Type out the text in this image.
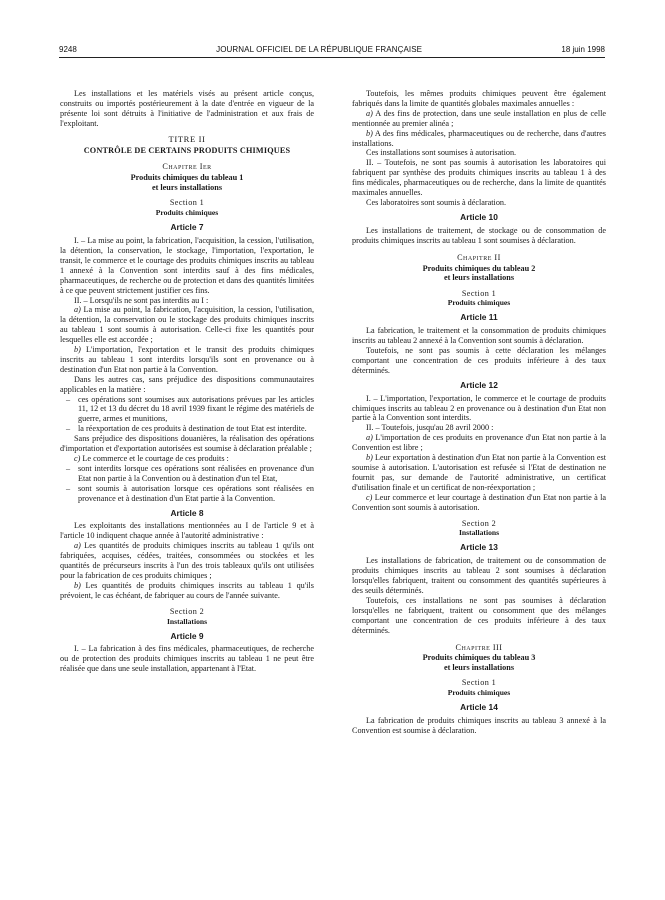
9248	JOURNAL OFFICIEL DE LA RÉPUBLIQUE FRANÇAISE	18 juin 1998

Les installations et les matériels visés au présent article conçus, construits ou importés postérieurement à la date d'entrée en vigueur de la présente loi sont détruits à l'initiative de l'administration et aux frais de l'exploitant.

TITRE II
CONTRÔLE DE CERTAINS PRODUITS CHIMIQUES
Chapitre Ier
Produits chimiques du tableau 1
et leurs installations
Section 1
Produits chimiques
Article 7

I. – La mise au point, la fabrication, l'acquisition, la cession, l'utilisation, la détention, la conservation, le stockage, l'importation, l'exportation, le transit, le commerce et le courtage des produits chimiques inscrits au tableau 1 annexé à la Convention sont interdits sauf à des fins médicales, pharmaceutiques, de recherche ou de protection et dans des quantités limitées à ce que peuvent strictement justifier ces fins.

II. – Lorsqu'ils ne sont pas interdits au I :

a) La mise au point, la fabrication, l'acquisition, la cession, l'utilisation, la détention, la conservation ou le stockage des produits chimiques inscrits au tableau 1 sont soumis à autorisation. Celle-ci fixe les quantités pour lesquelles elle est accordée ;

b) L'importation, l'exportation et le transit des produits chimiques inscrits au tableau 1 sont interdits lorsqu'ils sont en provenance ou à destination d'un Etat non partie à la Convention.

Dans les autres cas, sans préjudice des dispositions communautaires applicables en la matière :

– ces opérations sont soumises aux autorisations prévues par les articles 11, 12 et 13 du décret du 18 avril 1939 fixant le régime des matériels de guerre, armes et munitions,

– la réexportation de ces produits à destination de tout Etat est interdite.

Sans préjudice des dispositions douanières, la réalisation des opérations d'importation et d'exportation autorisées est soumise à déclaration préalable ;

c) Le commerce et le courtage de ces produits :

– sont interdits lorsque ces opérations sont réalisées en provenance d'un Etat non partie à la Convention ou à destination d'un tel Etat,

– sont soumis à autorisation lorsque ces opérations sont réalisées en provenance et à destination d'un Etat partie à la Convention.

Article 8

Les exploitants des installations mentionnées au I de l'article 9 et à l'article 10 indiquent chaque année à l'autorité administrative :

a) Les quantités de produits chimiques inscrits au tableau 1 qu'ils ont fabriquées, acquises, cédées, traitées, consommées ou stockées et les quantités de précurseurs inscrits à l'un des trois tableaux qu'ils ont utilisées pour la fabrication de ces produits chimiques ;

b) Les quantités de produits chimiques inscrits au tableau 1 qu'ils prévoient, le cas échéant, de fabriquer au cours de l'année suivante.

Section 2
Installations
Article 9

I. – La fabrication à des fins médicales, pharmaceutiques, de recherche ou de protection des produits chimiques inscrits au tableau 1 ne peut être réalisée que dans une seule installation, appartenant à l'Etat.

Toutefois, les mêmes produits chimiques peuvent être également fabriqués dans la limite de quantités globales maximales annuelles :

a) A des fins de protection, dans une seule installation en plus de celle mentionnée au premier alinéa ;

b) A des fins médicales, pharmaceutiques ou de recherche, dans d'autres installations.

Ces installations sont soumises à autorisation.

II. – Toutefois, ne sont pas soumis à autorisation les laboratoires qui fabriquent par synthèse des produits chimiques inscrits au tableau 1 à des fins médicales, pharmaceutiques ou de recherche, dans la limite de quantités maximales annuelles.

Ces laboratoires sont soumis à déclaration.

Article 10

Les installations de traitement, de stockage ou de consommation de produits chimiques inscrits au tableau 1 sont soumises à déclaration.

Chapitre II
Produits chimiques du tableau 2
et leurs installations
Section 1
Produits chimiques
Article 11

La fabrication, le traitement et la consommation de produits chimiques inscrits au tableau 2 annexé à la Convention sont soumis à déclaration.

Toutefois, ne sont pas soumis à cette déclaration les mélanges comportant une concentration de ces produits inférieure à des taux déterminés.

Article 12

I. – L'importation, l'exportation, le commerce et le courtage de produits chimiques inscrits au tableau 2 en provenance ou à destination d'un Etat non partie à la Convention sont interdits.

II. – Toutefois, jusqu'au 28 avril 2000 :

a) L'importation de ces produits en provenance d'un Etat non partie à la Convention est libre ;

b) Leur exportation à destination d'un Etat non partie à la Convention est soumise à autorisation. L'autorisation est refusée si l'Etat de destination ne fournit pas, sur demande de l'autorité administrative, un certificat d'utilisation finale et un certificat de non-réexportation ;

c) Leur commerce et leur courtage à destination d'un Etat non partie à la Convention sont soumis à autorisation.

Section 2
Installations
Article 13

Les installations de fabrication, de traitement ou de consommation de produits chimiques inscrits au tableau 2 sont soumises à déclaration lorsqu'elles fabriquent, traitent ou consomment des quantités supérieures à des seuils déterminés.

Toutefois, ces installations ne sont pas soumises à déclaration lorsqu'elles ne fabriquent, traitent ou consomment que des mélanges comportant une concentration de ces produits inférieure à des taux déterminés.

Chapitre III
Produits chimiques du tableau 3
et leurs installations
Section 1
Produits chimiques
Article 14

La fabrication de produits chimiques inscrits au tableau 3 annexé à la Convention est soumise à déclaration.
